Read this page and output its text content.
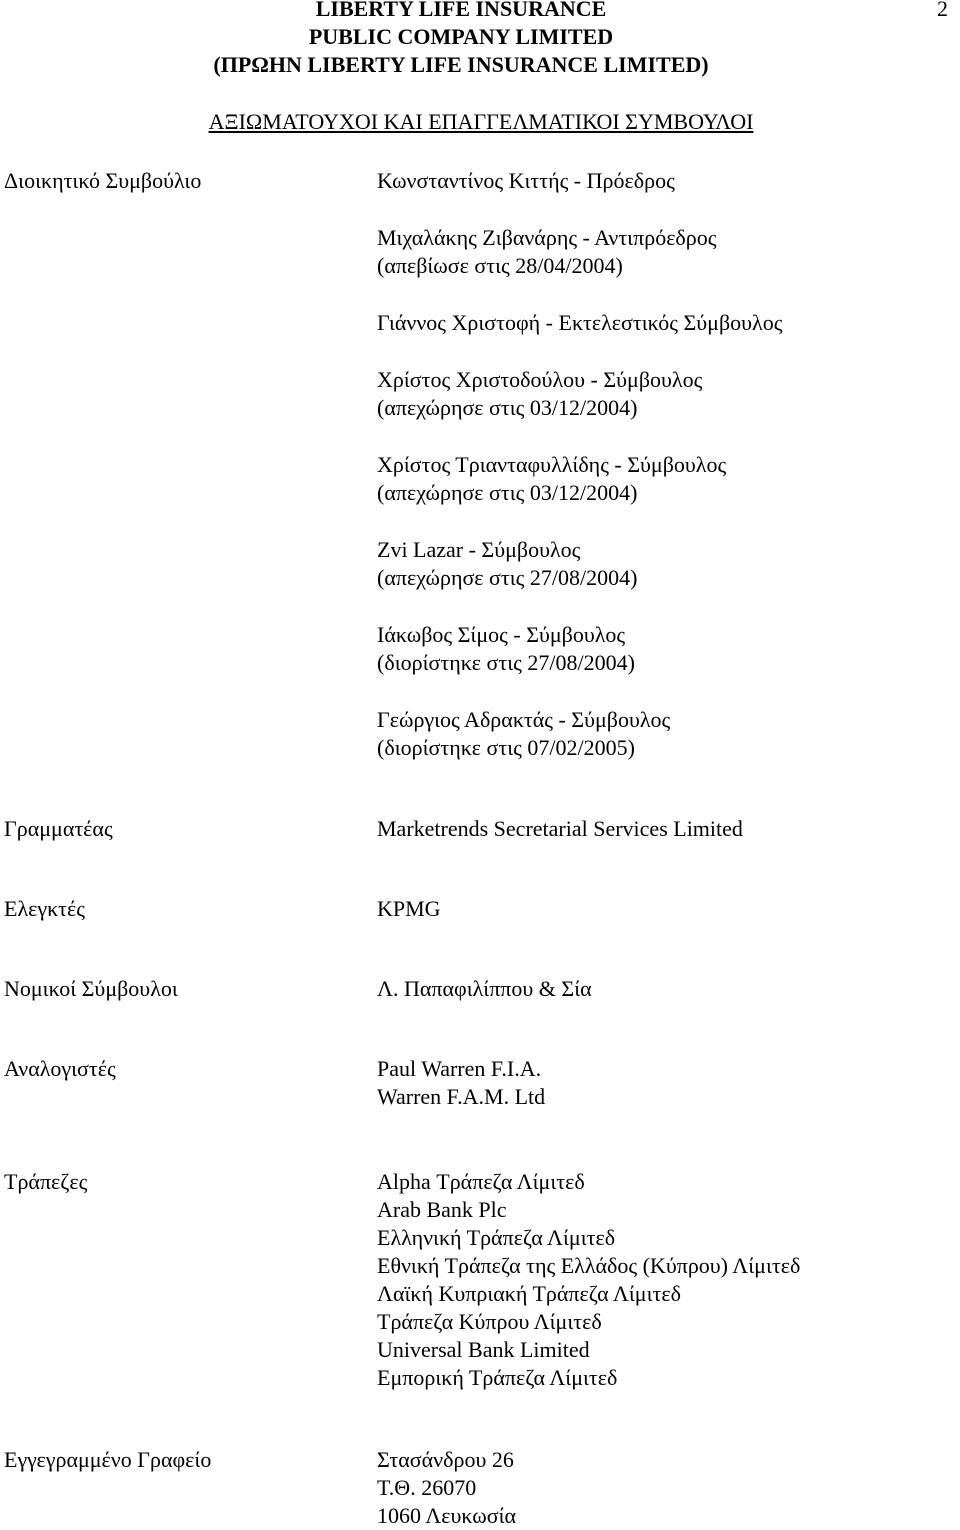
LIBERTY LIFE INSURANCE
PUBLIC COMPANY LIMITED
(ΠΡΩΗΝ LIBERTY LIFE INSURANCE LIMITED)
2
ΑΞΙΩΜΑΤΟΥΧΟΙ ΚΑΙ ΕΠΑΓΓΕΛΜΑΤΙΚΟΙ ΣΥΜΒΟΥΛΟΙ
Διοικητικό Συμβούλιο	Κωνσταντίνος Κιττής - Πρόεδρος
Μιχαλάκης Ζιβανάρης - Αντιπρόεδρος
(απεβίωσε στις 28/04/2004)
Γιάννος Χριστοφή - Εκτελεστικός Σύμβουλος
Χρίστος Χριστοδούλου - Σύμβουλος
(απεχώρησε στις 03/12/2004)
Χρίστος Τριανταφυλλίδης - Σύμβουλος
(απεχώρησε στις 03/12/2004)
Zvi Lazar - Σύμβουλος
(απεχώρησε στις 27/08/2004)
Ιάκωβος Σίμος - Σύμβουλος
(διορίστηκε στις 27/08/2004)
Γεώργιος Αδρακτάς - Σύμβουλος
(διορίστηκε στις 07/02/2005)
Γραμματέας	Marketrends Secretarial Services Limited
Ελεγκτές	KPMG
Νομικοί Σύμβουλοι	Λ. Παπαφιλίππου & Σία
Αναλογιστές	Paul Warren F.I.A.
Warren F.A.M. Ltd
Τράπεζες	Alpha Τράπεζα Λίμιτεδ
Arab Bank Plc
Ελληνική Τράπεζα Λίμιτεδ
Εθνική Τράπεζα της Ελλάδος (Κύπρου) Λίμιτεδ
Λαϊκή Κυπριακή Τράπεζα Λίμιτεδ
Τράπεζα Κύπρου Λίμιτεδ
Universal Bank Limited
Εμπορική Τράπεζα Λίμιτεδ
Εγγεγραμμένο Γραφείο	Στασάνδρου 26
Τ.Θ. 26070
1060 Λευκωσία
